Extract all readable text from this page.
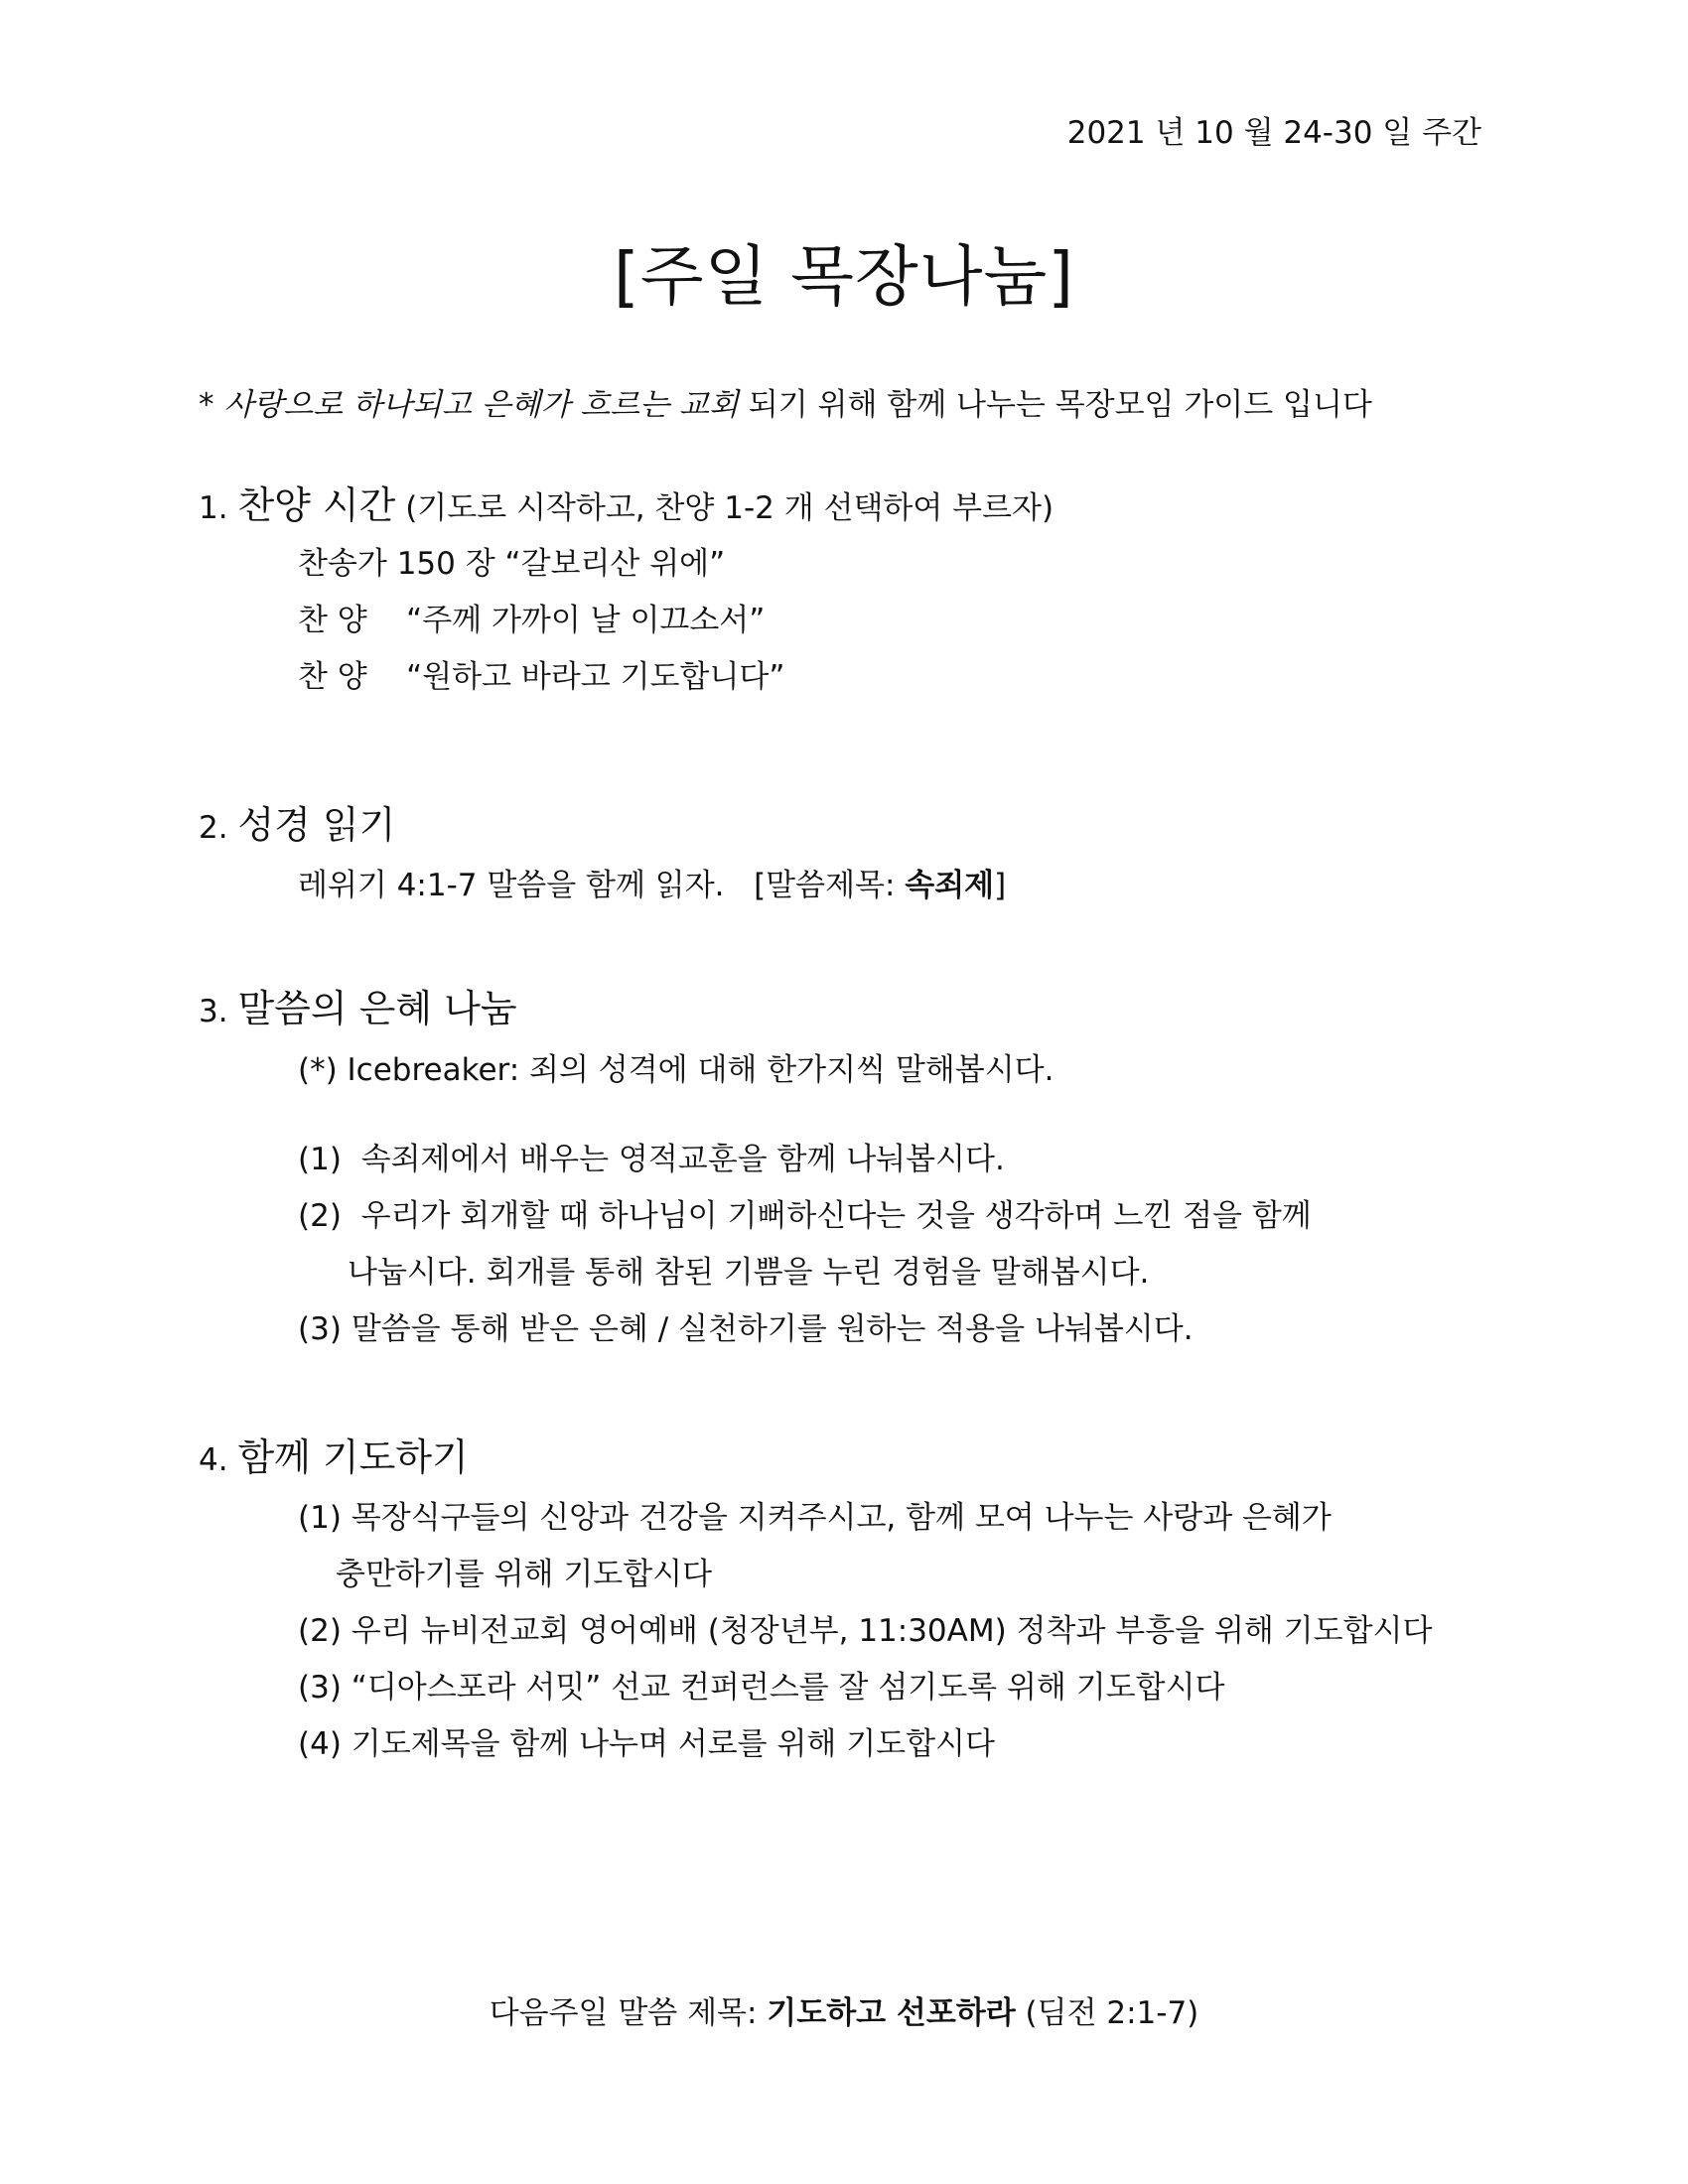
2021 년 10 월 24-30 일 주간
[주일 목장나눔]
* 사랑으로 하나되고 은혜가 흐르는 교회 되기 위해 함께 나누는 목장모임 가이드 입니다
1. 찬양 시간 (기도로 시작하고, 찬양 1-2 개 선택하여 부르자)
찬송가 150 장 “갈보리산 위에”
찬 양    “주께 가까이 날 이끄소서”
찬 양    “원하고 바라고 기도합니다”
2. 성경 읽기
레위기 4:1-7 말씀을 함께 읽자.   [말씀제목: 속죄제]
3. 말씀의 은혜 나눔
(*) Icebreaker: 죄의 성격에 대해 한가지씩 말해봅시다.
(1)  속죄제에서 배우는 영적교훈을 함께 나눠봅시다.
(2)  우리가 회개할 때 하나님이 기뻐하신다는 것을 생각하며 느낀 점을 함께
나눕시다. 회개를 통해 참된 기쁨을 누린 경험을 말해봅시다.
(3) 말씀을 통해 받은 은혜 / 실천하기를 원하는 적용을 나눠봅시다.
4. 함께 기도하기
(1) 목장식구들의 신앙과 건강을 지켜주시고, 함께 모여 나누는 사랑과 은혜가
충만하기를 위해 기도합시다
(2) 우리 뉴비전교회 영어예배 (청장년부, 11:30AM) 정착과 부흥을 위해 기도합시다
(3) “디아스포라 서밋” 선교 컨퍼런스를 잘 섬기도록 위해 기도합시다
(4) 기도제목을 함께 나누며 서로를 위해 기도합시다
다음주일 말씀 제목: 기도하고 선포하라 (딤전 2:1-7)
